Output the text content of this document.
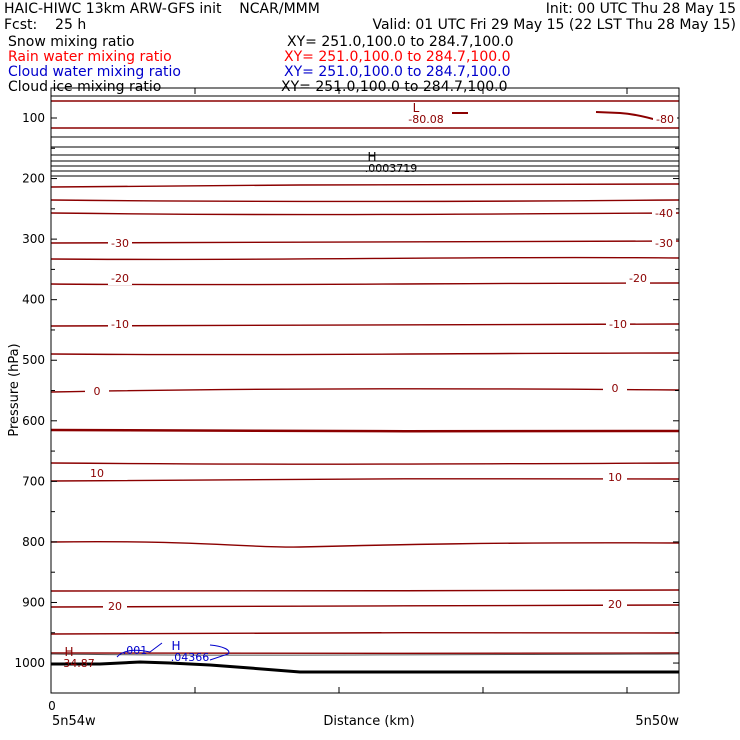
HAIC-HIWC 13km ARW-GFS init    NCAR/MMM	Init: 00 UTC Thu 28 May 15
Fcst:    25 h	Valid: 01 UTC Fri 29 May 15 (22 LST Thu 28 May 15)
Snow mixing ratio	XY= 251.0,100.0 to 284.7,100.0
Rain water mixing ratio	XY= 251.0,100.0 to 284.7,100.0
Cloud water mixing ratio	XY= 251.0,100.0 to 284.7,100.0
Cloud ice mixing ratio	XY= 251.0,100.0 to 284.7,100.0
100
200
300
400
500
600
700
800
900
1000
0	0
10	10
20	20
-80
-40
-30	-30
-20	-20
-10	-10
L
-80.08
H
.0003719
H
34.87
H
.04366
.001
Pressure (hPa)
Distance (km)
0
5n54w	5n50w
